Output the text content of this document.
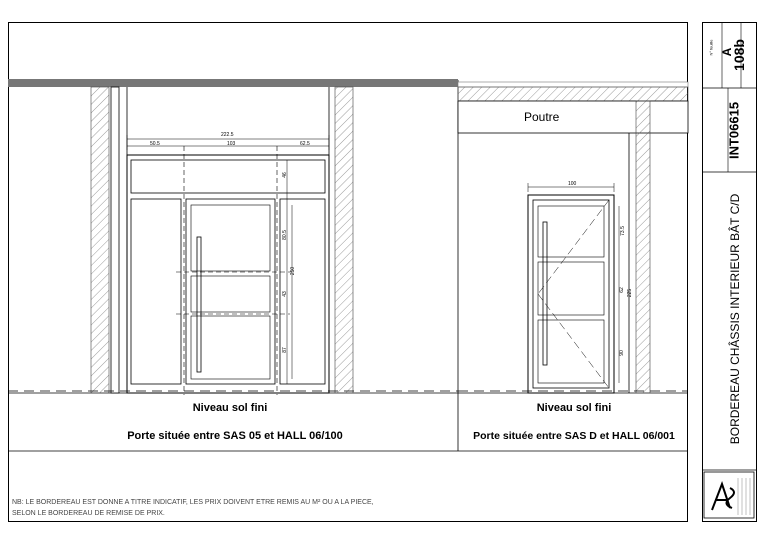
222.5
50.5	103	62.5
46
80.5
43
87
250
100
73.5
62
90
225
Poutre
Niveau sol fini
Porte située entre SAS 05 et HALL 06/100
Niveau sol fini
Porte située entre SAS D et HALL 06/001
NB: LE BORDEREAU EST DONNE A TITRE INDICATIF, LES PRIX DOIVENT ETRE REMIS AU M² OU A LA PIECE,
SELON LE BORDEREAU DE REMISE DE PRIX.
108b
A
N° feuille
INT06615
BORDEREAU CHÂSSIS INTERIEUR BÂT C/D
